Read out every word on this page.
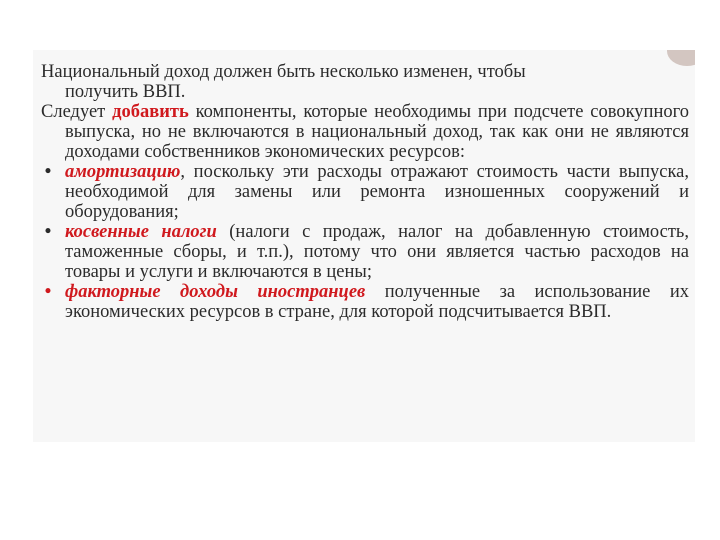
Национальный доход должен быть несколько изменен, чтобы
получить ВВП.

Следует добавить компоненты, которые необходимы при подсчете совокупного выпуска, но не включаются в национальный доход, так как они не являются доходами собственников экономических ресурсов:

• амортизацию, поскольку эти расходы отражают стоимость части выпуска, необходимой для замены или ремонта изношенных сооружений и оборудования;
• косвенные налоги (налоги с продаж, налог на добавленную стоимость, таможенные сборы, и т.п.), потому что они является частью расходов на товары и услуги и включаются в цены;
• факторные доходы иностранцев полученные за использование их экономических ресурсов в стране, для которой подсчитывается ВВП.
